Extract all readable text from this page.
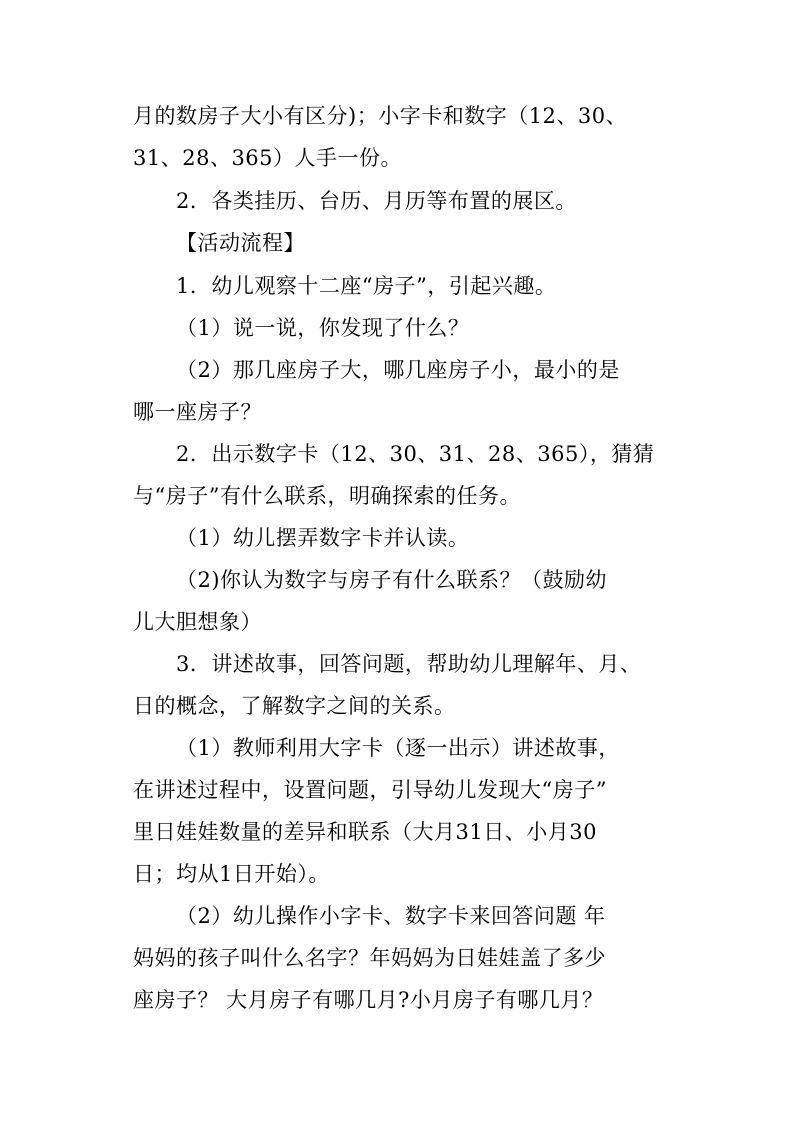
月的数房子大小有区分)；小字卡和数字（12、30、
31、28、365）人手一份。
2．各类挂历、台历、月历等布置的展区。
【活动流程】
1．幼儿观察十二座“房子”，引起兴趣。
（1）说一说，你发现了什么？
（2）那几座房子大，哪几座房子小，最小的是
哪一座房子？
2．出示数字卡（12、30、31、28、365），猜猜
与“房子”有什么联系，明确探索的任务。
（1）幼儿摆弄数字卡并认读。
（2)你认为数字与房子有什么联系？（鼓励幼
儿大胆想象）
3．讲述故事，回答问题，帮助幼儿理解年、月、
日的概念，了解数字之间的关系。
（1）教师利用大字卡（逐一出示）讲述故事，
在讲述过程中，设置问题，引导幼儿发现大“房子”
里日娃娃数量的差异和联系（大月31日、小月30
日；均从1日开始）。
（2）幼儿操作小字卡、数字卡来回答问题 年
妈妈的孩子叫什么名字？年妈妈为日娃娃盖了多少
座房子？ 大月房子有哪几月?小月房子有哪几月？
